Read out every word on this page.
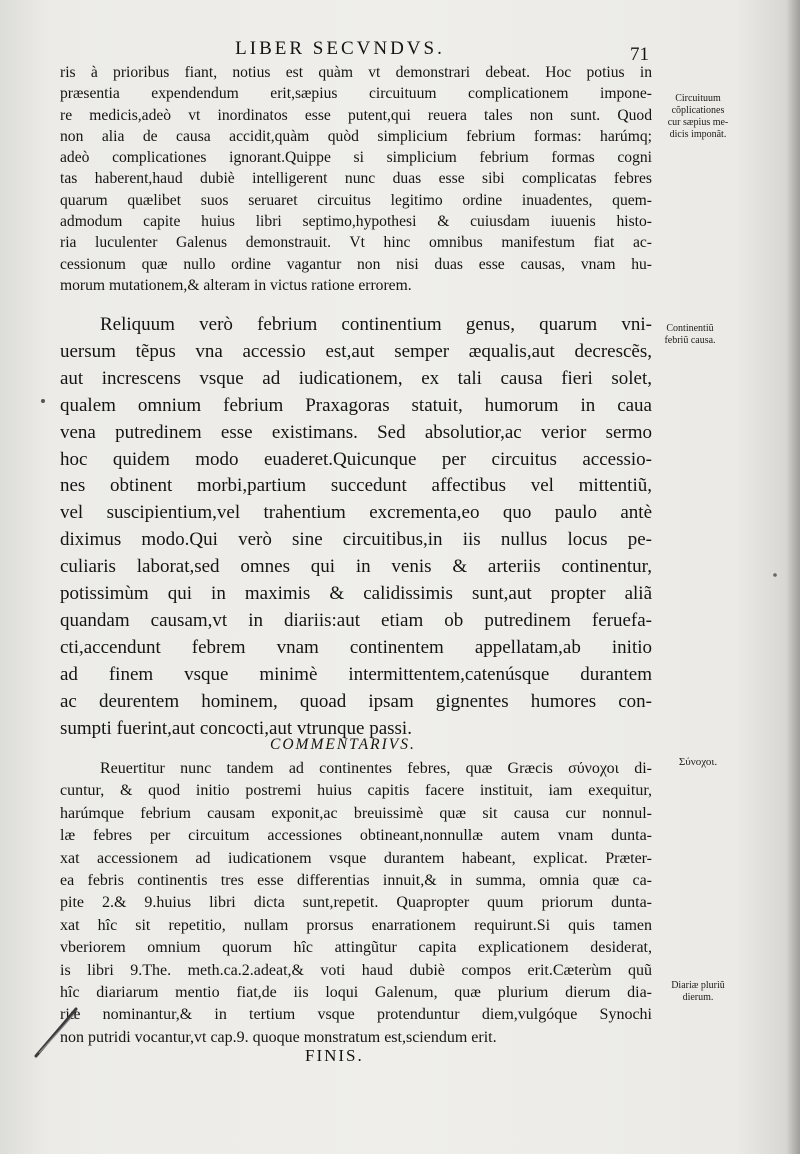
LIBER SECVNDVS.	71
ris à prioribus fiant, notius est quàm vt demonstrari debeat. Hoc potius in
præsentia expendendum erit,sæpius circuituum complicationem impone-
re medicis,adeò vt inordinatos esse putent,qui reuera tales non sunt. Quod
non alia de causa accidit,quàm quòd simplicium febrium formas: harúmq;
adeò complicationes ignorant.Quippe si simplicium febrium formas cogni
tas haberent,haud dubiè intelligerent nunc duas esse sibi complicatas febres
quarum quælibet suos seruaret circuitus legitimo ordine inuadentes, quem-
admodum capite huius libri septimo,hypothesi & cuiusdam iuuenis histo-
ria luculenter Galenus demonstrauit. Vt hinc omnibus manifestum fiat ac-
cessionum quæ nullo ordine vagantur non nisi duas esse causas, vnam hu-
morum mutationem,& alteram in victus ratione errorem.
Reliquum verò febrium continentium genus, quarum vni-
uersum tẽpus vna accessio est,aut semper æqualis,aut decrescẽs,
aut increscens vsque ad iudicationem, ex tali causa fieri solet,
qualem omnium febrium Praxagoras statuit, humorum in caua
vena putredinem esse existimans. Sed absolutior,ac verior sermo
hoc quidem modo euaderet.Quicunque per circuitus accessio-
nes obtinent morbi,partium succedunt affectibus vel mittentiũ,
vel suscipientium,vel trahentium excrementa,eo quo paulo antè
diximus modo.Qui verò sine circuitibus,in iis nullus locus pe-
culiaris laborat,sed omnes qui in venis & arteriis continentur,
potissimùm qui in maximis & calidissimis sunt,aut propter aliã
quandam causam,vt in diariis:aut etiam ob putredinem feruefa-
cti,accendunt febrem vnam continentem appellatam,ab initio
ad finem vsque minimè intermittentem,catenúsque durantem
ac deurentem hominem, quoad ipsam gignentes humores con-
sumpti fuerint,aut concocti,aut vtrunque passi.
COMMENTARIVS.
Reuertitur nunc tandem ad continentes febres, quæ Græcis σύνοχοι di-
cuntur, & quod initio postremi huius capitis facere instituit, iam exequitur,
harúmque febrium causam exponit,ac breuissimè quæ sit causa cur nonnul-
læ febres per circuitum accessiones obtineant,nonnullæ autem vnam dunta-
xat accessionem ad iudicationem vsque durantem habeant, explicat. Præter-
ea febris continentis tres esse differentias innuit,& in summa, omnia quæ ca-
pite 2.& 9.huius libri dicta sunt,repetit. Quapropter quum priorum dunta-
xat hîc sit repetitio, nullam prorsus enarrationem requirunt.Si quis tamen
vberiorem omnium quorum hîc attingũtur capita explicationem desiderat,
is libri 9.The. meth.ca.2.adeat,& voti haud dubiè compos erit.Cæterùm quũ
hîc diariarum mentio fiat,de iis loqui Galenum, quæ plurium dierum dia-
riæ nominantur,& in tertium vsque protenduntur diem,vulgóque Synochi
non putridi vocantur,vt cap.9. quoque monstratum est,sciendum erit.
FINIS.
Circuituum
cõplicationes
cur sæpius me-
dicis imponãt.
Continentiũ
febriũ causa.
Σύνοχοι.
Diariæ pluriũ
dierum.
